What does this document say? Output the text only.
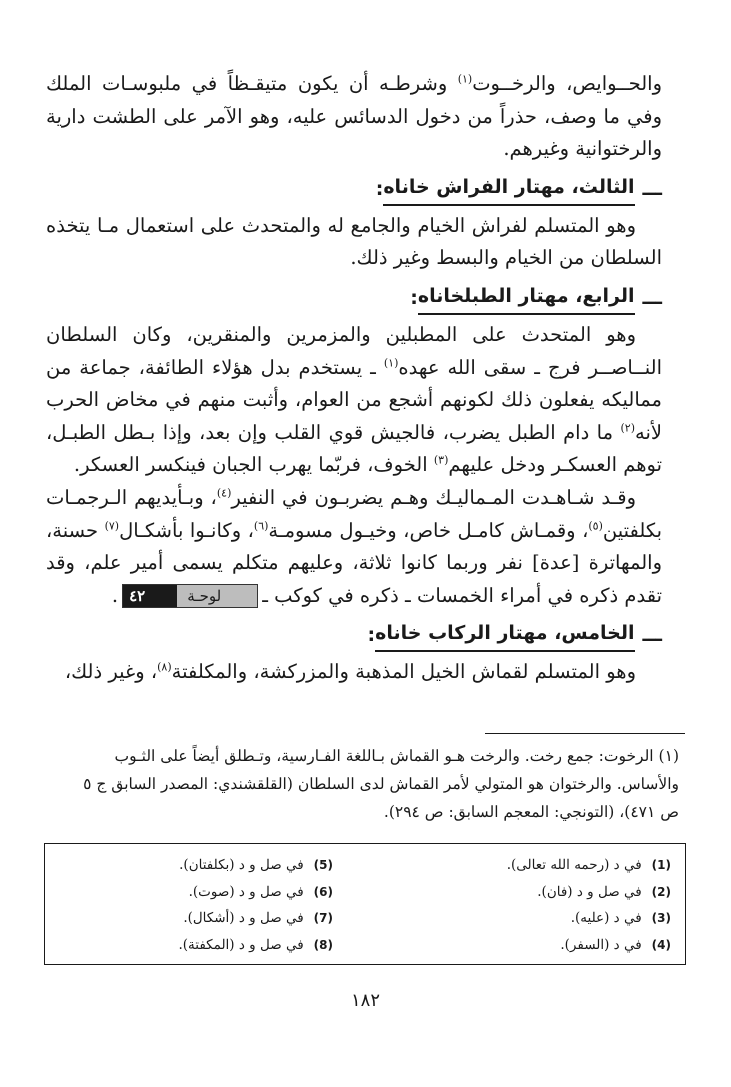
والحــوايص، والرخــوت$^{(١)}$ وشرطـه أن يكون متيقـظاً في ملبوسـات الملك وفي ما وصف، حذراً من دخول الدسائس عليه، وهو الآمر على الطشت دارية والرختوانية وغيرهم.

ـــ
الثالث، مهتار الفراش خاناه
:

وهو المتسلم لفراش الخيام والجامع له والمتحدث على استعمال مـا يتخذه السلطان من الخيام والبسط وغير ذلك.

ـــ
الرابع، مهتار الطبلخاناه
:

وهو المتحدث على المطبلين والمزمرين والمنقرين، وكان السلطان النــاصــر فرج ـ سقى الله عهده$^{(١)}$ ـ يستخدم بدل هؤلاء الطائفة، جماعة من مماليكه يفعلون ذلك لكونهم أشجع من العوام، وأثبت منهم في مخاض الحرب لأنه$^{(٢)}$ ما دام الطبل يضرب، فالجيش قوي القلب وإن بعد، وإذا بـطل الطبـل، توهم العسكـر ودخل عليهم$^{(٣)}$ الخوف، فربّما يهرب الجبان فينكسر العسكر.

وقـد شـاهـدت المـماليـك وهـم يضربـون في النفير$^{(٤)}$، وبـأيديهم الـرجمـات بكلفتين$^{(٥)}$، وقمـاش كامـل خاص، وخيـول مسومـة$^{(٦)}$، وكانـوا بأشكـال$^{(٧)}$ حسنة، والمهاترة [عدة] نفر وربما كانوا ثلاثة، وعليهم متكلم يسمى أمير علم، وقد تقدم ذكره في أمراء الخمسات ـ ذكره في كوكب ـ
لوحـة
٤٢
.

ـــ
الخامس، مهتار الركاب خاناه
:

وهو المتسلم لقماش الخيل المذهبة والمزركشة، والمكلفتة$^{(٨)}$، وغير ذلك،

(١) الرخوت: جمع رخت. والرخت هـو القماش بـاللغة الفـارسية، وتـطلق أيضاً على الثـوب والأساس. والرختوان هو المتولي لأمر القماش لدى السلطان (القلقشندي: المصدر السابق ج ٥ ص ٤٧١)، (التونجي: المعجم السابق: ص ٢٩٤).

(1)في د (رحمه الله تعالى).
(2)في صل و د (فان).
(3)في د (عليه).
(4)في د (السفر).
(5)في صل و د (بكلفتان).
(6)في صل و د (صوت).
(7)في صل و د (أشكال).
(8)في صل و د (المكفتة).
١٨٢
